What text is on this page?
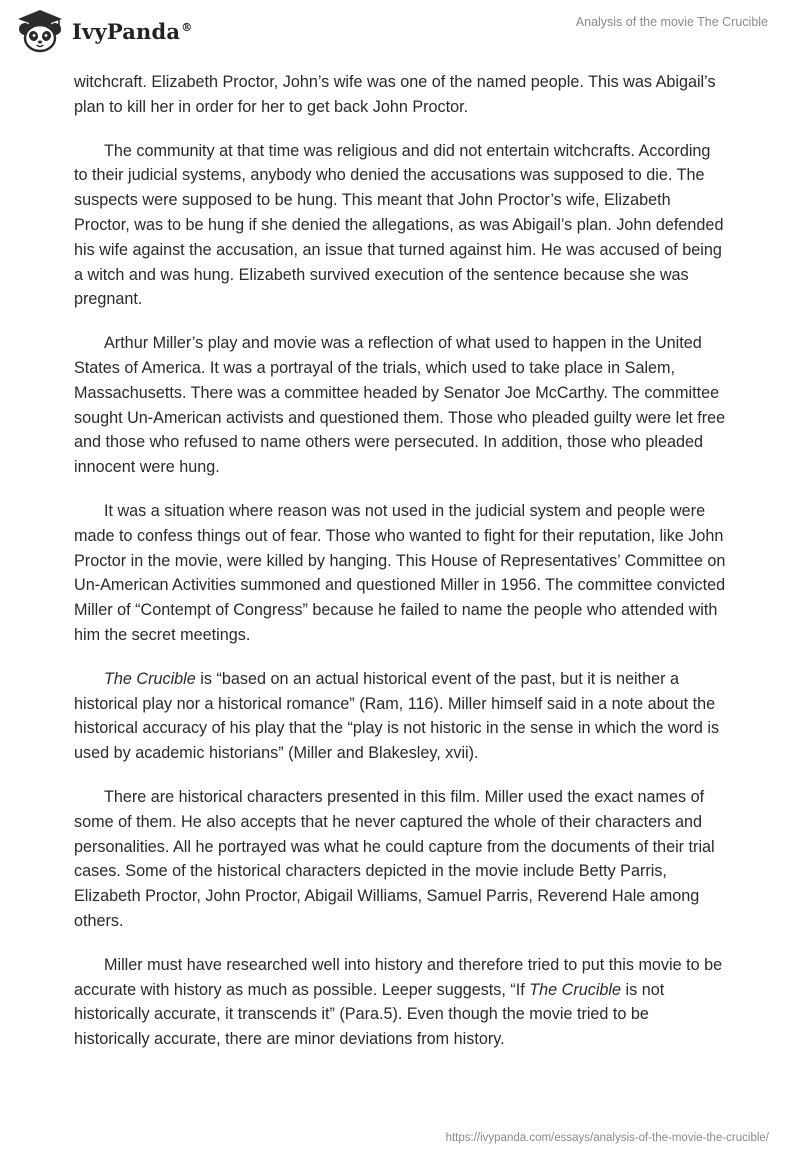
IvyPanda®	Analysis of the movie The Crucible

witchcraft. Elizabeth Proctor, John’s wife was one of the named people. This was Abigail’s plan to kill her in order for her to get back John Proctor.

The community at that time was religious and did not entertain witchcrafts. According to their judicial systems, anybody who denied the accusations was supposed to die. The suspects were supposed to be hung. This meant that John Proctor’s wife, Elizabeth Proctor, was to be hung if she denied the allegations, as was Abigail’s plan. John defended his wife against the accusation, an issue that turned against him. He was accused of being a witch and was hung. Elizabeth survived execution of the sentence because she was pregnant.

Arthur Miller’s play and movie was a reflection of what used to happen in the United States of America. It was a portrayal of the trials, which used to take place in Salem, Massachusetts. There was a committee headed by Senator Joe McCarthy. The committee sought Un-American activists and questioned them. Those who pleaded guilty were let free and those who refused to name others were persecuted. In addition, those who pleaded innocent were hung.

It was a situation where reason was not used in the judicial system and people were made to confess things out of fear. Those who wanted to fight for their reputation, like John Proctor in the movie, were killed by hanging. This House of Representatives’ Committee on Un-American Activities summoned and questioned Miller in 1956. The committee convicted Miller of “Contempt of Congress” because he failed to name the people who attended with him the secret meetings.

The Crucible is “based on an actual historical event of the past, but it is neither a historical play nor a historical romance” (Ram, 116). Miller himself said in a note about the historical accuracy of his play that the “play is not historic in the sense in which the word is used by academic historians” (Miller and Blakesley, xvii).

There are historical characters presented in this film. Miller used the exact names of some of them. He also accepts that he never captured the whole of their characters and personalities. All he portrayed was what he could capture from the documents of their trial cases. Some of the historical characters depicted in the movie include Betty Parris, Elizabeth Proctor, John Proctor, Abigail Williams, Samuel Parris, Reverend Hale among others.

Miller must have researched well into history and therefore tried to put this movie to be accurate with history as much as possible. Leeper suggests, “If The Crucible is not historically accurate, it transcends it” (Para.5). Even though the movie tried to be historically accurate, there are minor deviations from history.

https://ivypanda.com/essays/analysis-of-the-movie-the-crucible/
